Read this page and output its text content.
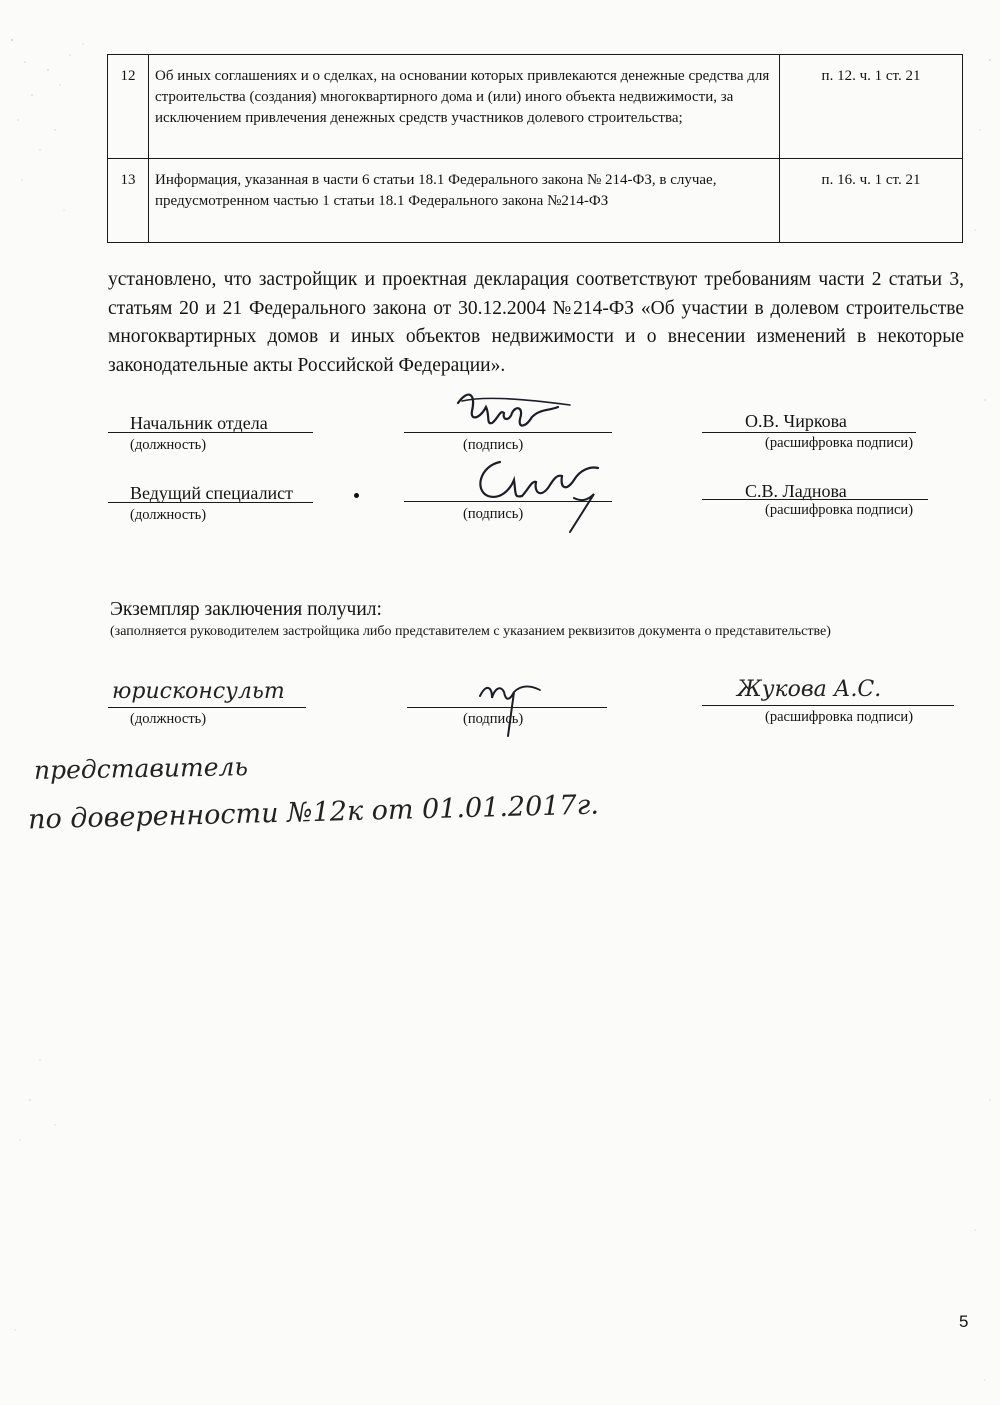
12	Об иных соглашениях и о сделках, на основании которых привлекаются денежные средства для строительства (создания) многоквартирного дома и (или) иного объекта недвижимости, за исключением привлечения денежных средств участников долевого строительства;	п. 12. ч. 1 ст. 21
13	Информация, указанная в части 6 статьи 18.1 Федерального закона № 214-ФЗ, в случае, предусмотренном частью 1 статьи 18.1 Федерального закона №214-ФЗ	п. 16. ч. 1 ст. 21
установлено, что застройщик и проектная декларация соответствуют требованиям части 2 статьи 3, статьям 20 и 21 Федерального закона от 30.12.2004 №214-ФЗ «Об участии в долевом строительстве многоквартирных домов и иных объектов недвижимости и о внесении изменений в некоторые законодательные акты Российской Федерации».
Начальник отдела
(должность)	(подпись)
О.В. Чиркова
(расшифровка подписи)
Ведущий специалист
(должность)	(подпись)
С.В. Ладнова
(расшифровка подписи)
Экземпляр заключения получил:
(заполняется руководителем застройщика либо представителем с указанием реквизитов документа о представительстве)
юрисконсульт
(должность)	(подпись)
Жукова А.С.
(расшифровка подписи)
представитель
по доверенности №12к от 01.01.2017г.
5
